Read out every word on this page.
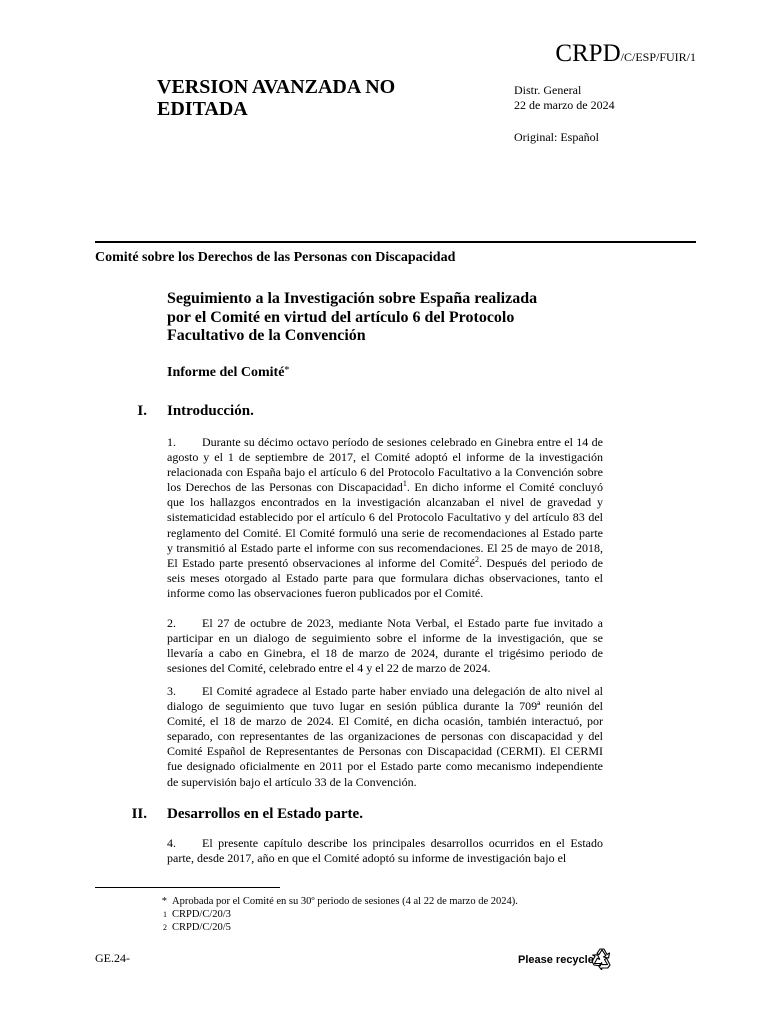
CRPD/C/ESP/FUIR/1
VERSION AVANZADA NO
EDITADA
Distr. General
22 de marzo de 2024
Original: Español
Comité sobre los Derechos de las Personas con Discapacidad
Seguimiento a la Investigación sobre España realizada
por el Comité en virtud del artículo 6 del Protocolo
Facultativo de la Convención
Informe del Comité*
I. Introducción.
1. Durante su décimo octavo período de sesiones celebrado en Ginebra entre el 14 de agosto y el 1 de septiembre de 2017, el Comité adoptó el informe de la investigación relacionada con España bajo el artículo 6 del Protocolo Facultativo a la Convención sobre los Derechos de las Personas con Discapacidad$^1$. En dicho informe el Comité concluyó que los hallazgos encontrados en la investigación alcanzaban el nivel de gravedad y sistematicidad establecido por el artículo 6 del Protocolo Facultativo y del artículo 83 del reglamento del Comité. El Comité formuló una serie de recomendaciones al Estado parte y transmitió al Estado parte el informe con sus recomendaciones. El 25 de mayo de 2018, El Estado parte presentó observaciones al informe del Comité$^2$. Después del periodo de seis meses otorgado al Estado parte para que formulara dichas observaciones, tanto el informe como las observaciones fueron publicados por el Comité.
2. El 27 de octubre de 2023, mediante Nota Verbal, el Estado parte fue invitado a participar en un dialogo de seguimiento sobre el informe de la investigación, que se llevaría a cabo en Ginebra, el 18 de marzo de 2024, durante el trigésimo periodo de sesiones del Comité, celebrado entre el 4 y el 22 de marzo de 2024.
3. El Comité agradece al Estado parte haber enviado una delegación de alto nivel al dialogo de seguimiento que tuvo lugar en sesión pública durante la 709ª reunión del Comité, el 18 de marzo de 2024. El Comité, en dicha ocasión, también interactuó, por separado, con representantes de las organizaciones de personas con discapacidad y del Comité Español de Representantes de Personas con Discapacidad (CERMI). El CERMI fue designado oficialmente en 2011 por el Estado parte como mecanismo independiente de supervisión bajo el artículo 33 de la Convención.
II. Desarrollos en el Estado parte.
4. El presente capítulo describe los principales desarrollos ocurridos en el Estado parte, desde 2017, año en que el Comité adoptó su informe de investigación bajo el
* Aprobada por el Comité en su 30º periodo de sesiones (4 al 22 de marzo de 2024).
1 CRPD/C/20/3
2 CRPD/C/20/5
GE.24-	Please recycle
